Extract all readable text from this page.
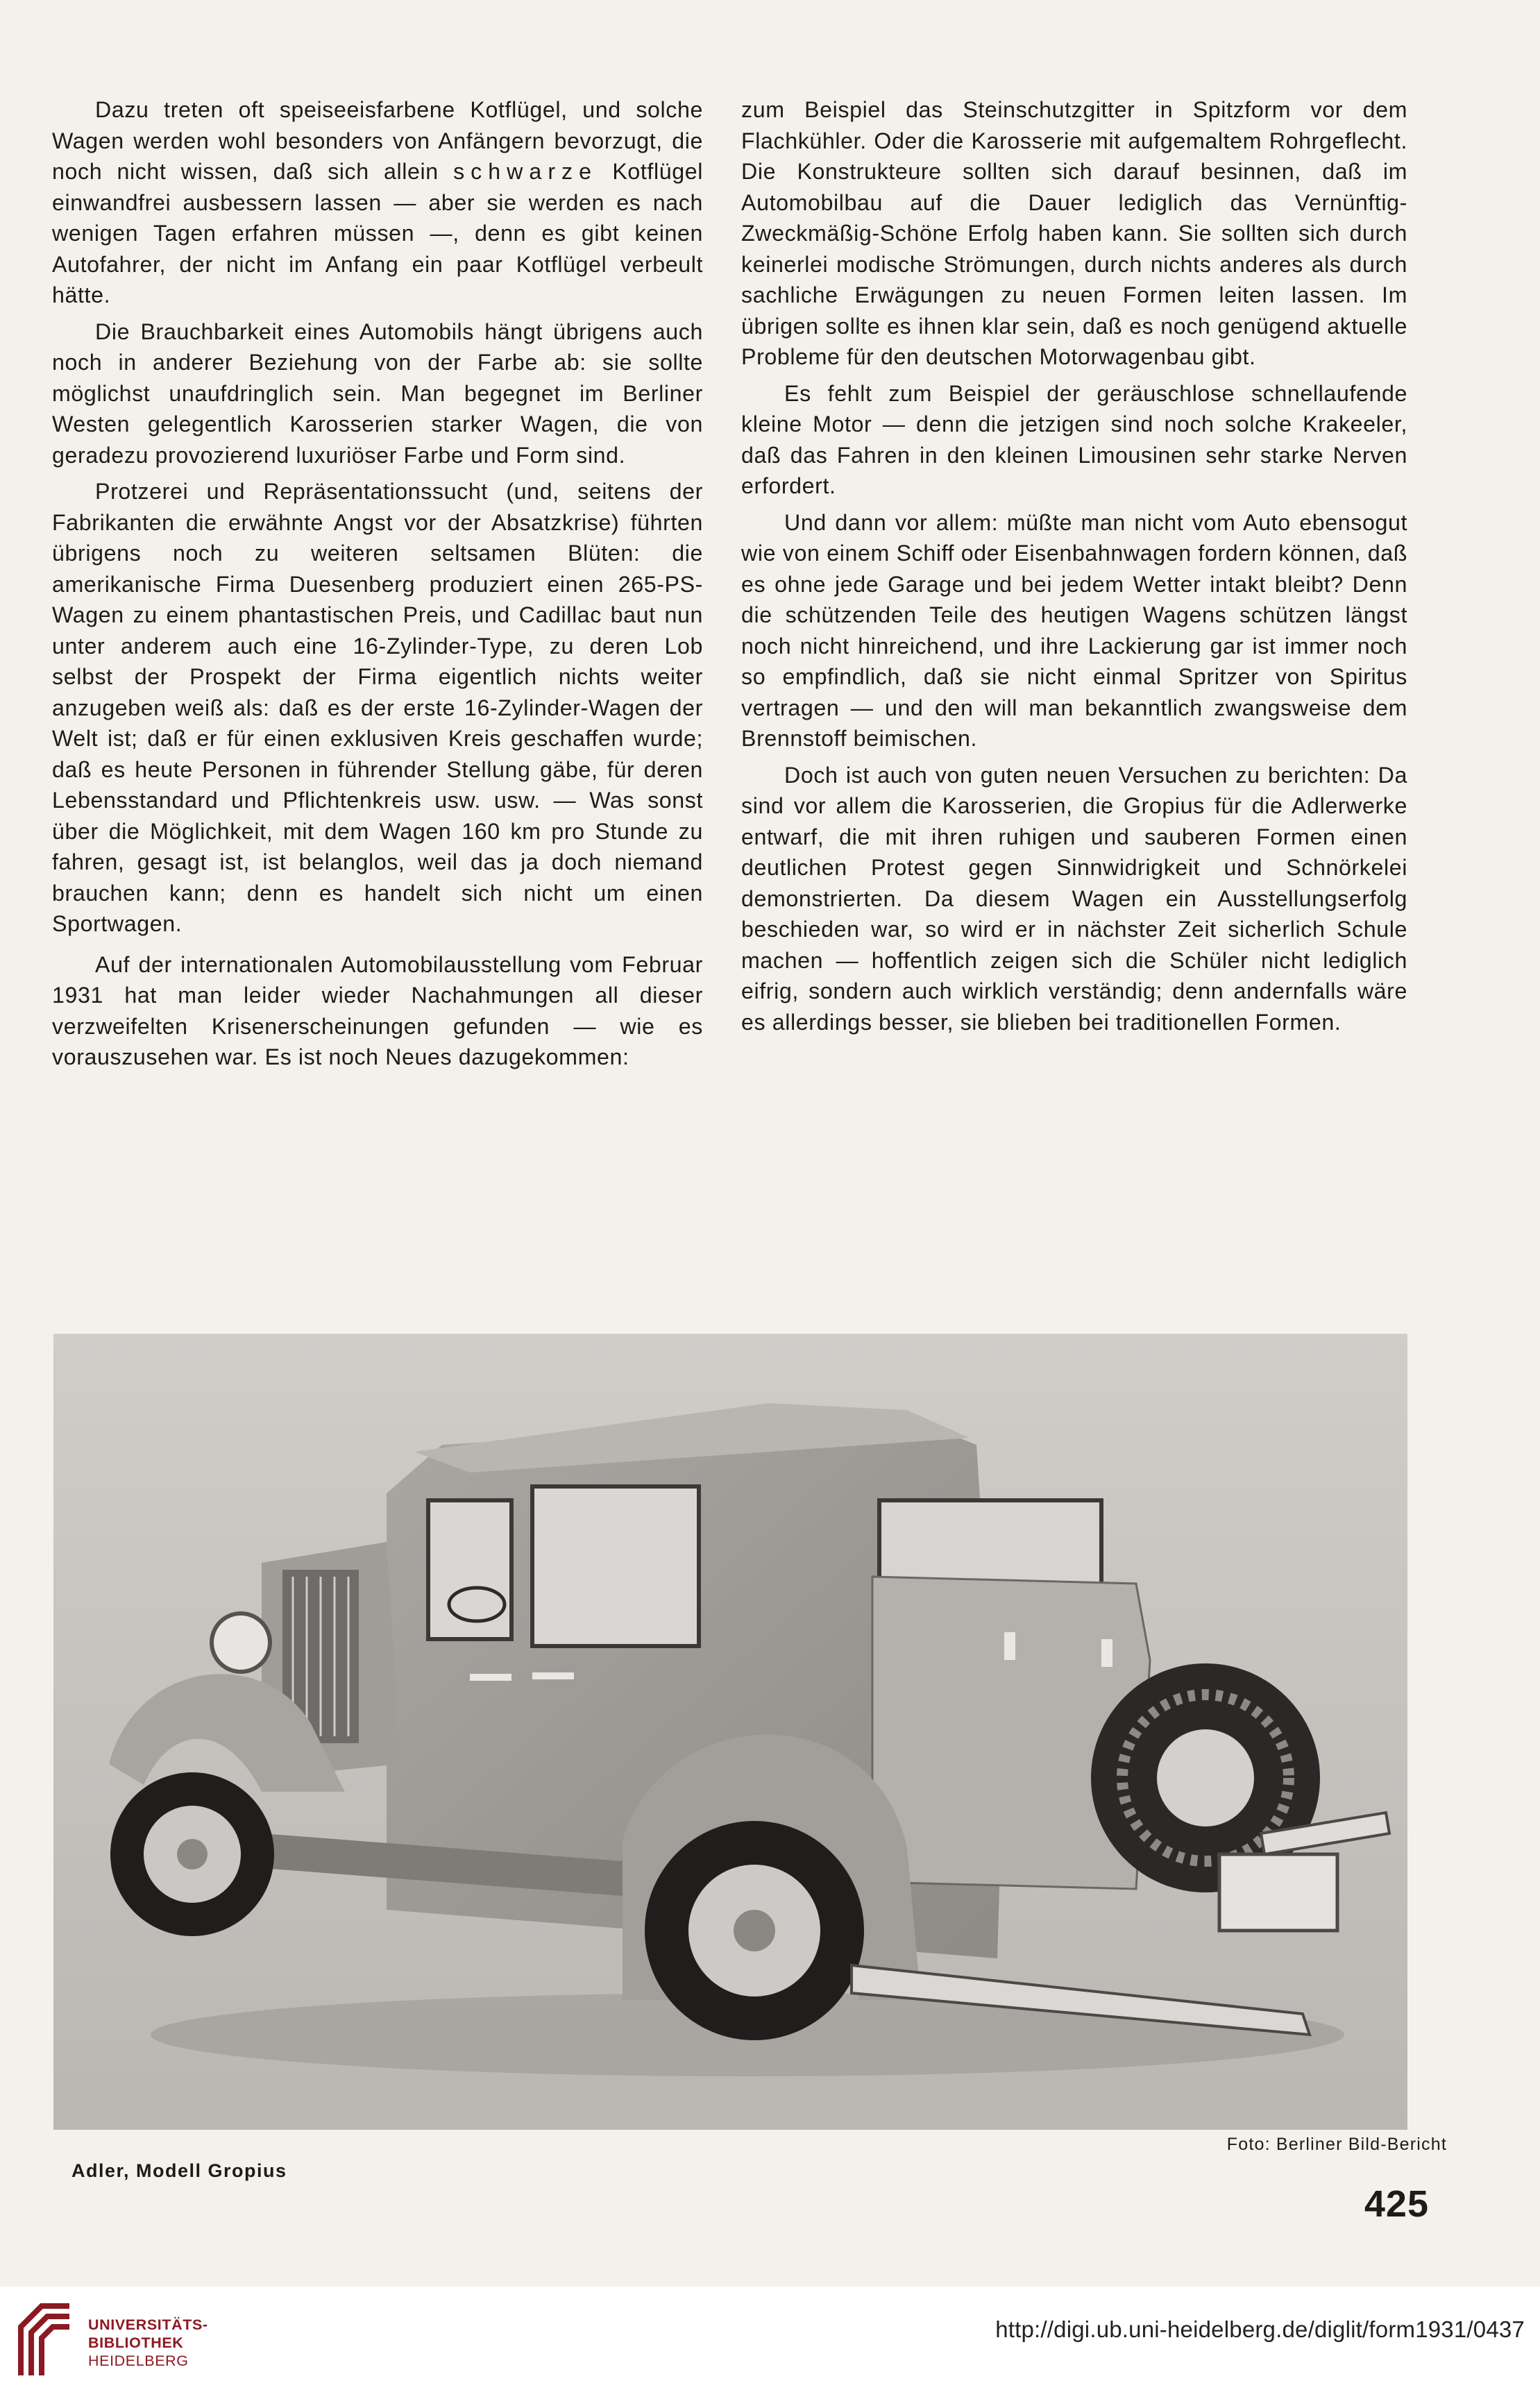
Dazu treten oft speiseeisfarbene Kotflügel, und solche Wagen werden wohl besonders von Anfängern bevorzugt, die noch nicht wissen, daß sich allein schwarze Kotflügel einwandfrei ausbessern lassen — aber sie werden es nach wenigen Tagen erfahren müssen —, denn es gibt keinen Autofahrer, der nicht im Anfang ein paar Kotflügel verbeult hätte.

Die Brauchbarkeit eines Automobils hängt übrigens auch noch in anderer Beziehung von der Farbe ab: sie sollte möglichst unaufdringlich sein. Man begegnet im Berliner Westen gelegentlich Karosserien starker Wagen, die von geradezu provozierend luxuriöser Farbe und Form sind.

Protzerei und Repräsentationssucht (und, seitens der Fabrikanten die erwähnte Angst vor der Absatzkrise) führten übrigens noch zu weiteren seltsamen Blüten: die amerikanische Firma Duesenberg produziert einen 265-PS-Wagen zu einem phantastischen Preis, und Cadillac baut nun unter anderem auch eine 16-Zylinder-Type, zu deren Lob selbst der Prospekt der Firma eigentlich nichts weiter anzugeben weiß als: daß es der erste 16-Zylinder-Wagen der Welt ist; daß er für einen exklusiven Kreis geschaffen wurde; daß es heute Personen in führender Stellung gäbe, für deren Lebensstandard und Pflichtenkreis usw. usw. — Was sonst über die Möglichkeit, mit dem Wagen 160 km pro Stunde zu fahren, gesagt ist, ist belanglos, weil das ja doch niemand brauchen kann; denn es handelt sich nicht um einen Sportwagen.

Auf der internationalen Automobilausstellung vom Februar 1931 hat man leider wieder Nachahmungen all dieser verzweifelten Krisenerscheinungen gefunden — wie es vorauszusehen war. Es ist noch Neues dazugekommen:

zum Beispiel das Steinschutzgitter in Spitzform vor dem Flachkühler. Oder die Karosserie mit aufgemaltem Rohrgeflecht. Die Konstrukteure sollten sich darauf besinnen, daß im Automobilbau auf die Dauer lediglich das Vernünftig-Zweckmäßig-Schöne Erfolg haben kann. Sie sollten sich durch keinerlei modische Strömungen, durch nichts anderes als durch sachliche Erwägungen zu neuen Formen leiten lassen. Im übrigen sollte es ihnen klar sein, daß es noch genügend aktuelle Probleme für den deutschen Motorwagenbau gibt.

Es fehlt zum Beispiel der geräuschlose schnellaufende kleine Motor — denn die jetzigen sind noch solche Krakeeler, daß das Fahren in den kleinen Limousinen sehr starke Nerven erfordert.

Und dann vor allem: müßte man nicht vom Auto ebensogut wie von einem Schiff oder Eisenbahnwagen fordern können, daß es ohne jede Garage und bei jedem Wetter intakt bleibt? Denn die schützenden Teile des heutigen Wagens schützen längst noch nicht hinreichend, und ihre Lackierung gar ist immer noch so empfindlich, daß sie nicht einmal Spritzer von Spiritus vertragen — und den will man bekanntlich zwangsweise dem Brennstoff beimischen.

Doch ist auch von guten neuen Versuchen zu berichten: Da sind vor allem die Karosserien, die Gropius für die Adlerwerke entwarf, die mit ihren ruhigen und sauberen Formen einen deutlichen Protest gegen Sinnwidrigkeit und Schnörkelei demonstrierten. Da diesem Wagen ein Ausstellungserfolg beschieden war, so wird er in nächster Zeit sicherlich Schule machen — hoffentlich zeigen sich die Schüler nicht lediglich eifrig, sondern auch wirklich verständig; denn andernfalls wäre es allerdings besser, sie blieben bei traditionellen Formen.

Adler, Modell Gropius
Foto: Berliner Bild-Bericht
425
UNIVERSITÄTS-
BIBLIOTHEK
HEIDELBERG
http://digi.ub.uni-heidelberg.de/diglit/form1931/0437
